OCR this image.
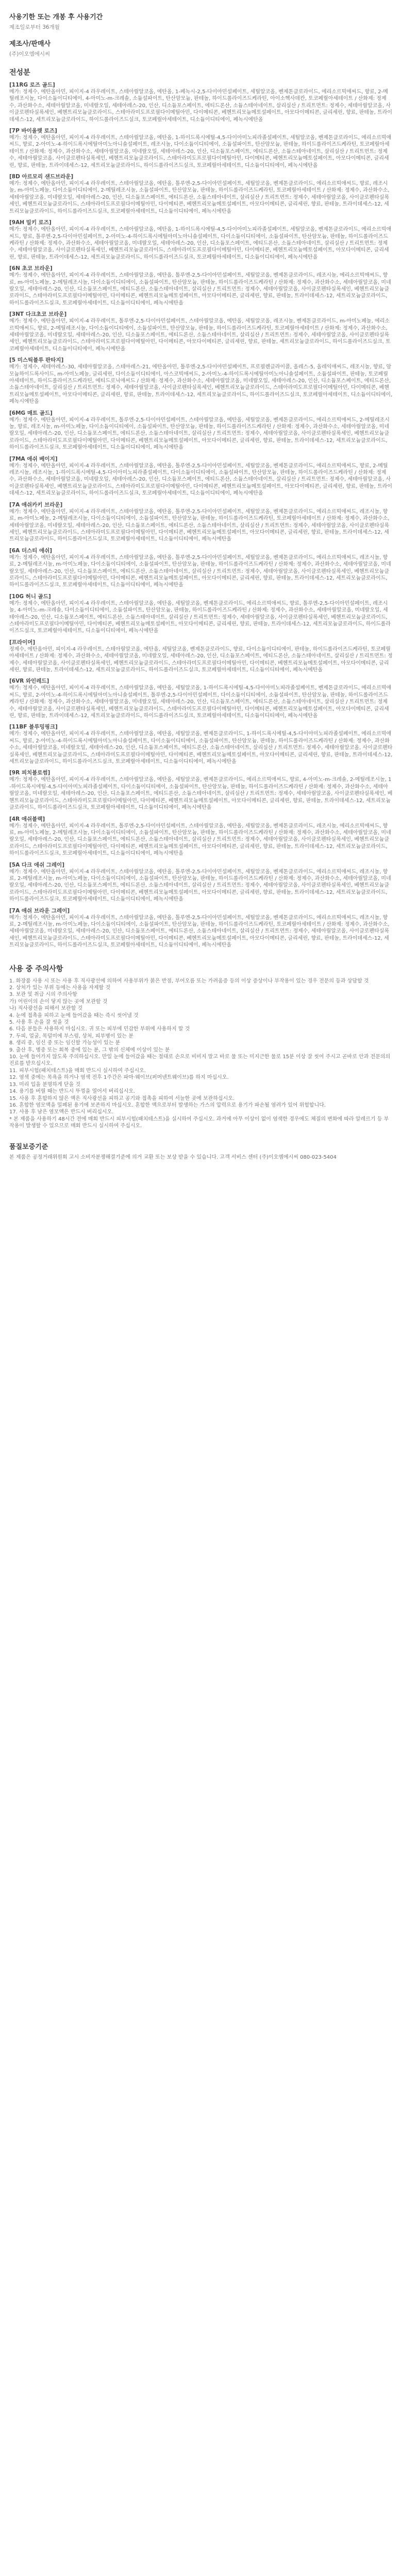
사용기한 또는 개봉 후 사용기간
제조일로부터 36개월
제조사/판매사
(주)이오엠에시씨
전성분
[11RG 로즈 골드]
메가: 정제수, 에탄올아민, 피이지-4 라우레이트, 스테아릴알코올, 에탄올, 1-페녹시-2,5-다이아민설페이트, 세틸알코올, 벤제톤클로라이드, 에리소르빅애씨드, 향료, 2-메틸레조시놀, 다이소듐이디티에이, 4-아미노-m-크레솔, 소듐설파이트, 탄산암모늄, 판테놀, 하이드롤라이즈드케라틴, 아이소헥사데칸, 토코페릴아세테이트 / 산화제: 정제수, 과산화수소, 세테아릴알코올, 미네랄오일, 세테아레스-20, 인산, 디소듐포스페이트, 에티드론산, 소듐스테아네이트, 살리실산 / 트리트먼트: 정제수, 세테아릴알코올, 사이클로펜타실록세인, 베헨트리모늄클로라이드, 스테아라미도프로필다이메틸아민, 다이메티콘, 베헨트리모늄메토설페이트, 아모다이메티콘, 글리세린, 향료, 판테놀, 트라이데세스-12, 세트리모늄클로라이드, 하이드롤라이즈드실크, 토코페릴아세테이트, 디소듐이디티에이, 페녹시에탄올
[7P 바이올렛 로즈]
메가: 정제수, 에탄올아민, 피이지-4 라우레이트, 스테아릴알코올, 에탄올, 1-하이드록시에틸-4,5-다이아미노피라졸설페이트, 세틸알코올, 벤제톤클로라이드, 에리소르빅애씨드, 향료, 2-아미노-4-하이드록시에틸아미노아니솔설페이트, 레조시놀, 다이소듐이디티에이, 소듐설파이트, 탄산암모늄, 판테놀, 하이드롤라이즈드케라틴, 토코페릴아세테이트 / 산화제: 정제수, 과산화수소, 세테아릴알코올, 미네랄오일, 세테아레스-20, 인산, 디소듐포스페이트, 에티드론산, 소듐스테아네이트, 살리실산 / 트리트먼트: 정제수, 세테아릴알코올, 사이클로펜타실록세인, 베헨트리모늄클로라이드, 스테아라미도프로필다이메틸아민, 다이메티콘, 베헨트리모늄메토설페이트, 아모다이메티콘, 글리세린, 향료, 판테놀, 트라이데세스-12, 세트리모늄클로라이드, 하이드롤라이즈드실크, 토코페릴아세테이트, 디소듐이디티에이, 페녹시에탄올
[8D 아르모리 샌드브라운]
메가: 정제수, 에탄올아민, 피이지-4 라우레이트, 스테아릴알코올, 에탄올, 톨루엔-2,5-다이아민설페이트, 세틸알코올, 벤제톤클로라이드, 에리소르빅애씨드, 향료, 레조시놀, m-아미노페놀, 다이소듐이디티에이, 2-메틸레조시놀, 소듐설파이트, 탄산암모늄, 판테놀, 하이드롤라이즈드케라틴, 토코페릴아세테이트 / 산화제: 정제수, 과산화수소, 세테아릴알코올, 미네랄오일, 세테아레스-20, 인산, 디소듐포스페이트, 에티드론산, 소듐스테아네이트, 살리실산 / 트리트먼트: 정제수, 세테아릴알코올, 사이클로펜타실록세인, 베헨트리모늄클로라이드, 스테아라미도프로필다이메틸아민, 다이메티콘, 베헨트리모늄메토설페이트, 아모다이메티콘, 글리세린, 향료, 판테놀, 트라이데세스-12, 세트리모늄클로라이드, 하이드롤라이즈드실크, 토코페릴아세테이트, 디소듐이디티에이, 페녹시에탄올
[9AH 밀키 로즈]
메가: 정제수, 에탄올아민, 피이지-4 라우레이트, 스테아릴알코올, 에탄올, 1-하이드록시에틸-4,5-다이아미노피라졸설페이트, 세틸알코올, 벤제톤클로라이드, 에리소르빅애씨드, 향료, 톨루엔-2,5-다이아민설페이트, 2-아미노-4-하이드록시에틸아미노아니솔설페이트, 다이소듐이디티에이, 소듐설파이트, 탄산암모늄, 판테놀, 하이드롤라이즈드케라틴 / 산화제: 정제수, 과산화수소, 세테아릴알코올, 미네랄오일, 세테아레스-20, 인산, 디소듐포스페이트, 에티드론산, 소듐스테아네이트, 살리실산 / 트리트먼트: 정제수, 세테아릴알코올, 사이클로펜타실록세인, 베헨트리모늄클로라이드, 스테아라미도프로필다이메틸아민, 다이메티콘, 베헨트리모늄메토설페이트, 아모다이메티콘, 글리세린, 향료, 판테놀, 트라이데세스-12, 세트리모늄클로라이드, 하이드롤라이즈드실크, 토코페릴아세테이트, 디소듐이디티에이, 페녹시에탄올
[6N 초코 브라운]
메가: 정제수, 에탄올아민, 피이지-4 라우레이트, 스테아릴알코올, 에탄올, 톨루엔-2,5-다이아민설페이트, 세틸알코올, 벤제톤클로라이드, 레조시놀, 에리소르빅애씨드, 향료, m-아미노페놀, 2-메틸레조시놀, 다이소듐이디티에이, 소듐설파이트, 탄산암모늄, 판테놀, 하이드롤라이즈드케라틴 / 산화제: 정제수, 과산화수소, 세테아릴알코올, 미네랄오일, 세테아레스-20, 인산, 디소듐포스페이트, 에티드론산, 소듐스테아네이트, 살리실산 / 트리트먼트: 정제수, 세테아릴알코올, 사이클로펜타실록세인, 베헨트리모늄클로라이드, 스테아라미도프로필다이메틸아민, 다이메티콘, 베헨트리모늄메토설페이트, 아모다이메티콘, 글리세린, 향료, 판테놀, 트라이데세스-12, 세트리모늄클로라이드, 하이드롤라이즈드실크, 토코페릴아세테이트, 디소듐이디티에이, 페녹시에탄올
[3NT 다크초코 브라운]
메가: 정제수, 에탄올아민, 피이지-4 라우레이트, 톨루엔-2,5-다이아민설페이트, 스테아릴알코올, 에탄올, 세틸알코올, 레조시놀, 벤제톤클로라이드, m-아미노페놀, 에리소르빅애씨드, 향료, 2-메틸레조시놀, 다이소듐이디티에이, 소듐설파이트, 탄산암모늄, 판테놀, 하이드롤라이즈드케라틴, 토코페릴아세테이트 / 산화제: 정제수, 과산화수소, 세테아릴알코올, 미네랄오일, 세테아레스-20, 인산, 디소듐포스페이트, 에티드론산, 소듐스테아네이트, 살리실산 / 트리트먼트: 정제수, 세테아릴알코올, 사이클로펜타실록세인, 베헨트리모늄클로라이드, 스테아라미도프로필다이메틸아민, 다이메티콘, 아모다이메티콘, 글리세린, 향료, 판테놀, 세트리모늄클로라이드, 하이드롤라이즈드실크, 토코페릴아세테이트, 디소듐이디티에이, 페녹시에탄올
[5 미스틱블루 판타지]
메가: 정제수, 세테아레스-30, 세테아릴알코올, 스테아레스-21, 에탄올아민, 톨루엔-2,5-다이아민설페이트, 프로필렌글라이콜, 올레스-5, 올레익애씨드, 레조시놀, 향료, 암모늄하이드록사이드, m-아미노페놀, 글리세린, 다이소듐이디티에이, 아스코빅애씨드, 2-아미노-4-하이드록시에틸아미노아니솔설페이트, 소듐설파이트, 판테놀, 토코페릴아세테이트, 하이드롤라이즈드케라틴, 에티드로닉애씨드 / 산화제: 정제수, 과산화수소, 세테아릴알코올, 미네랄오일, 세테아레스-20, 인산, 디소듐포스페이트, 에티드론산, 소듐스테아네이트, 살리실산 / 트리트먼트: 정제수, 세테아릴알코올, 사이클로펜타실록세인, 베헨트리모늄클로라이드, 스테아라미도프로필다이메틸아민, 다이메티콘, 베헨트리모늄메토설페이트, 아모다이메티콘, 글리세린, 향료, 판테놀, 트라이데세스-12, 세트리모늄클로라이드, 하이드롤라이즈드실크, 토코페릴아세테이트, 디소듐이디티에이, 페녹시에탄올
[6MG 매트 골드]
메가: 정제수, 에탄올아민, 피이지-4 라우레이트, 톨루엔-2,5-다이아민설페이트, 스테아릴알코올, 에탄올, 세틸알코올, 벤제톤클로라이드, 에리소르빅애씨드, 2-메틸레조시놀, 향료, 레조시놀, m-아미노페놀, 다이소듐이디티에이, 소듐설파이트, 탄산암모늄, 판테놀, 하이드롤라이즈드케라틴 / 산화제: 정제수, 과산화수소, 세테아릴알코올, 미네랄오일, 세테아레스-20, 인산, 디소듐포스페이트, 에티드론산, 소듐스테아네이트, 살리실산 / 트리트먼트: 정제수, 세테아릴알코올, 사이클로펜타실록세인, 베헨트리모늄클로라이드, 스테아라미도프로필다이메틸아민, 다이메티콘, 베헨트리모늄메토설페이트, 아모다이메티콘, 글리세린, 향료, 판테놀, 트라이데세스-12, 세트리모늄클로라이드, 하이드롤라이즈드실크, 토코페릴아세테이트, 디소듐이디티에이, 페녹시에탄올
[7MA 애쉬 베이지]
메가: 정제수, 에탄올아민, 피이지-4 라우레이트, 스테아릴알코올, 에탄올, 톨루엔-2,5-다이아민설페이트, 세틸알코올, 벤제톤클로라이드, 에리소르빅애씨드, 향료, 2-메틸레조시놀, 레조시놀, 1-하이드록시에틸-4,5-다이아미노피라졸설페이트, 다이소듐이디티에이, 소듐설파이트, 탄산암모늄, 판테놀, 하이드롤라이즈드케라틴 / 산화제: 정제수, 과산화수소, 세테아릴알코올, 미네랄오일, 세테아레스-20, 인산, 디소듐포스페이트, 에티드론산, 소듐스테아네이트, 살리실산 / 트리트먼트: 정제수, 세테아릴알코올, 사이클로펜타실록세인, 베헨트리모늄클로라이드, 스테아라미도프로필다이메틸아민, 다이메티콘, 베헨트리모늄메토설페이트, 아모다이메티콘, 글리세린, 향료, 판테놀, 트라이데세스-12, 세트리모늄클로라이드, 하이드롤라이즈드실크, 토코페릴아세테이트, 디소듐이디티에이, 페녹시에탄올
[7A 애쉬카키 브라운]
메가: 정제수, 에탄올아민, 피이지-4 라우레이트, 스테아릴알코올, 에탄올, 톨루엔-2,5-다이아민설페이트, 세틸알코올, 벤제톤클로라이드, 에리소르빅애씨드, 레조시놀, 향료, m-아미노페놀, 2-메틸레조시놀, 다이소듐이디티에이, 소듐설파이트, 탄산암모늄, 판테놀, 하이드롤라이즈드케라틴, 토코페릴아세테이트 / 산화제: 정제수, 과산화수소, 세테아릴알코올, 미네랄오일, 세테아레스-20, 인산, 디소듐포스페이트, 에티드론산, 소듐스테아네이트, 살리실산 / 트리트먼트: 정제수, 세테아릴알코올, 사이클로펜타실록세인, 베헨트리모늄클로라이드, 스테아라미도프로필다이메틸아민, 다이메티콘, 베헨트리모늄메토설페이트, 아모다이메티콘, 글리세린, 향료, 판테놀, 트라이데세스-12, 세트리모늄클로라이드, 하이드롤라이즈드실크, 토코페릴아세테이트, 디소듐이디티에이, 페녹시에탄올
[6A 더스티 애쉬]
메가: 정제수, 에탄올아민, 피이지-4 라우레이트, 스테아릴알코올, 에탄올, 톨루엔-2,5-다이아민설페이트, 세틸알코올, 벤제톤클로라이드, 에리소르빅애씨드, 레조시놀, 향료, 2-메틸레조시놀, m-아미노페놀, 다이소듐이디티에이, 소듐설파이트, 탄산암모늄, 판테놀, 하이드롤라이즈드케라틴 / 산화제: 정제수, 과산화수소, 세테아릴알코올, 미네랄오일, 세테아레스-20, 인산, 디소듐포스페이트, 에티드론산, 소듐스테아네이트, 살리실산 / 트리트먼트: 정제수, 세테아릴알코올, 사이클로펜타실록세인, 베헨트리모늄클로라이드, 스테아라미도프로필다이메틸아민, 다이메티콘, 베헨트리모늄메토설페이트, 아모다이메티콘, 글리세린, 향료, 판테놀, 트라이데세스-12, 세트리모늄클로라이드, 하이드롤라이즈드실크, 토코페릴아세테이트, 디소듐이디티에이, 페녹시에탄올
[10G 허니 골드]
메가: 정제수, 에탄올아민, 피이지-4 라우레이트, 스테아릴알코올, 에탄올, 세틸알코올, 벤제톤클로라이드, 에리소르빅애씨드, 향료, 톨루엔-2,5-다이아민설페이트, 레조시놀, 4-아미노-m-크레솔, 다이소듐이디티에이, 소듐설파이트, 탄산암모늄, 판테놀, 하이드롤라이즈드케라틴 / 산화제: 정제수, 과산화수소, 세테아릴알코올, 미네랄오일, 세테아레스-20, 인산, 디소듐포스페이트, 에티드론산, 소듐스테아네이트, 살리실산 / 트리트먼트: 정제수, 세테아릴알코올, 사이클로펜타실록세인, 베헨트리모늄클로라이드, 스테아라미도프로필다이메틸아민, 다이메티콘, 베헨트리모늄메토설페이트, 아모다이메티콘, 글리세린, 향료, 판테놀, 트라이데세스-12, 세트리모늄클로라이드, 하이드롤라이즈드실크, 토코페릴아세테이트, 디소듐이디티에이, 페녹시에탄올
[프라이머]
정제수, 에탄올아민, 피이지-4 라우레이트, 스테아릴알코올, 에탄올, 세틸알코올, 벤제톤클로라이드, 향료, 다이소듐이디티에이, 판테놀, 하이드롤라이즈드케라틴, 토코페릴아세테이트 / 산화제: 정제수, 과산화수소, 세테아릴알코올, 미네랄오일, 세테아레스-20, 인산, 디소듐포스페이트, 에티드론산, 소듐스테아네이트, 살리실산 / 트리트먼트: 정제수, 세테아릴알코올, 사이클로펜타실록세인, 베헨트리모늄클로라이드, 스테아라미도프로필다이메틸아민, 다이메티콘, 베헨트리모늄메토설페이트, 아모다이메티콘, 글리세린, 향료, 판테놀, 트라이데세스-12, 세트리모늄클로라이드, 하이드롤라이즈드실크, 토코페릴아세테이트, 디소듐이디티에이, 페녹시에탄올
[6VR 와인레드]
메가: 정제수, 에탄올아민, 피이지-4 라우레이트, 스테아릴알코올, 에탄올, 세틸알코올, 1-하이드록시에틸-4,5-다이아미노피라졸설페이트, 벤제톤클로라이드, 에리소르빅애씨드, 향료, 2-아미노-4-하이드록시에틸아미노아니솔설페이트, 톨루엔-2,5-다이아민설페이트, 다이소듐이디티에이, 소듐설파이트, 탄산암모늄, 판테놀, 하이드롤라이즈드케라틴 / 산화제: 정제수, 과산화수소, 세테아릴알코올, 미네랄오일, 세테아레스-20, 인산, 디소듐포스페이트, 에티드론산, 소듐스테아네이트, 살리실산 / 트리트먼트: 정제수, 세테아릴알코올, 사이클로펜타실록세인, 베헨트리모늄클로라이드, 스테아라미도프로필다이메틸아민, 다이메티콘, 베헨트리모늄메토설페이트, 아모다이메티콘, 글리세린, 향료, 판테놀, 트라이데세스-12, 세트리모늄클로라이드, 하이드롤라이즈드실크, 토코페릴아세테이트, 디소듐이디티에이, 페녹시에탄올
[11BF 블루밍핑크]
메가: 정제수, 에탄올아민, 피이지-4 라우레이트, 스테아릴알코올, 에탄올, 세틸알코올, 벤제톤클로라이드, 1-하이드록시에틸-4,5-다이아미노피라졸설페이트, 에리소르빅애씨드, 향료, 2-아미노-4-하이드록시에틸아미노아니솔설페이트, 다이소듐이디티에이, 소듐설파이트, 탄산암모늄, 판테놀, 하이드롤라이즈드케라틴 / 산화제: 정제수, 과산화수소, 세테아릴알코올, 미네랄오일, 세테아레스-20, 인산, 디소듐포스페이트, 에티드론산, 소듐스테아네이트, 살리실산 / 트리트먼트: 정제수, 세테아릴알코올, 사이클로펜타실록세인, 베헨트리모늄클로라이드, 스테아라미도프로필다이메틸아민, 다이메티콘, 베헨트리모늄메토설페이트, 아모다이메티콘, 글리세린, 향료, 판테놀, 트라이데세스-12, 세트리모늄클로라이드, 하이드롤라이즈드실크, 토코페릴아세테이트, 디소듐이디티에이, 페녹시에탄올
[9R 피치블로썸]
메가: 정제수, 에탄올아민, 피이지-4 라우레이트, 스테아릴알코올, 에탄올, 세틸알코올, 벤제톤클로라이드, 에리소르빅애씨드, 향료, 4-아미노-m-크레솔, 2-메틸레조시놀, 1-하이드록시에틸-4,5-다이아미노피라졸설페이트, 다이소듐이디티에이, 소듐설파이트, 탄산암모늄, 판테놀, 하이드롤라이즈드케라틴 / 산화제: 정제수, 과산화수소, 세테아릴알코올, 미네랄오일, 세테아레스-20, 인산, 디소듐포스페이트, 에티드론산, 소듐스테아네이트, 살리실산 / 트리트먼트: 정제수, 세테아릴알코올, 사이클로펜타실록세인, 베헨트리모늄클로라이드, 스테아라미도프로필다이메틸아민, 다이메티콘, 베헨트리모늄메토설페이트, 아모다이메티콘, 글리세린, 향료, 판테놀, 트라이데세스-12, 세트리모늄클로라이드, 하이드롤라이즈드실크, 토코페릴아세테이트, 디소듐이디티에이, 페녹시에탄올
[4R 애쉬블랙]
메가: 정제수, 에탄올아민, 피이지-4 라우레이트, 톨루엔-2,5-다이아민설페이트, 스테아릴알코올, 에탄올, 세틸알코올, 벤제톤클로라이드, 레조시놀, 에리소르빅애씨드, 향료, m-아미노페놀, 2-메틸레조시놀, 다이소듐이디티에이, 소듐설파이트, 탄산암모늄, 판테놀, 하이드롤라이즈드케라틴 / 산화제: 정제수, 과산화수소, 세테아릴알코올, 미네랄오일, 세테아레스-20, 인산, 디소듐포스페이트, 에티드론산, 소듐스테아네이트, 살리실산 / 트리트먼트: 정제수, 세테아릴알코올, 사이클로펜타실록세인, 베헨트리모늄클로라이드, 스테아라미도프로필다이메틸아민, 다이메티콘, 베헨트리모늄메토설페이트, 아모다이메티콘, 글리세린, 향료, 판테놀, 트라이데세스-12, 세트리모늄클로라이드, 하이드롤라이즈드실크, 토코페릴아세테이트, 디소듐이디티에이, 페녹시에탄올
[5A 다크 애쉬 그레이]
메가: 정제수, 에탄올아민, 피이지-4 라우레이트, 스테아릴알코올, 에탄올, 톨루엔-2,5-다이아민설페이트, 세틸알코올, 벤제톤클로라이드, 에리소르빅애씨드, 레조시놀, 향료, 2-메틸레조시놀, m-아미노페놀, 다이소듐이디티에이, 소듐설파이트, 탄산암모늄, 판테놀, 하이드롤라이즈드케라틴 / 산화제: 정제수, 과산화수소, 세테아릴알코올, 미네랄오일, 세테아레스-20, 인산, 디소듐포스페이트, 에티드론산, 소듐스테아네이트, 살리실산 / 트리트먼트: 정제수, 세테아릴알코올, 사이클로펜타실록세인, 베헨트리모늄클로라이드, 스테아라미도프로필다이메틸아민, 다이메티콘, 베헨트리모늄메토설페이트, 아모다이메티콘, 글리세린, 향료, 판테놀, 트라이데세스-12, 세트리모늄클로라이드, 하이드롤라이즈드실크, 토코페릴아세테이트, 디소듐이디티에이, 페녹시에탄올
[7A 애쉬 브라운 그레이]
메가: 정제수, 에탄올아민, 피이지-4 라우레이트, 스테아릴알코올, 에탄올, 톨루엔-2,5-다이아민설페이트, 세틸알코올, 벤제톤클로라이드, 에리소르빅애씨드, 레조시놀, 향료, 2-메틸레조시놀, m-아미노페놀, 다이소듐이디티에이, 소듐설파이트, 탄산암모늄, 판테놀, 하이드롤라이즈드케라틴, 토코페릴아세테이트 / 산화제: 정제수, 과산화수소, 세테아릴알코올, 미네랄오일, 세테아레스-20, 인산, 디소듐포스페이트, 에티드론산, 소듐스테아네이트, 살리실산 / 트리트먼트: 정제수, 세테아릴알코올, 사이클로펜타실록세인, 베헨트리모늄클로라이드, 스테아라미도프로필다이메틸아민, 다이메티콘, 베헨트리모늄메토설페이트, 아모다이메티콘, 글리세린, 향료, 판테놀, 트라이데세스-12, 세트리모늄클로라이드, 하이드롤라이즈드실크, 토코페릴아세테이트, 디소듐이디티에이, 페녹시에탄올
사용 중 주의사항
1. 화장품 사용 시 또는 사용 후 직사광선에 의하여 사용부위가 붉은 반점, 부어오름 또는 가려움증 등의 이상 증상이나 부작용이 있는 경우 전문의 등과 상담할 것
2. 상처가 있는 부위 등에는 사용을 자제할 것
3. 보관 및 취급 시의 주의사항
가) 어린이의 손이 닿지 않는 곳에 보관할 것
나) 직사광선을 피해서 보관할 것
4. 눈에 접촉을 피하고 눈에 들어갔을 때는 즉시 씻어낼 것
5. 사용 후 손을 잘 씻을 것
6. 다음 분들은 사용하지 마십시오. 귀 또는 피부에 민감한 부위에 사용하지 말 것
7. 두피, 얼굴, 목덜미에 부스럼, 상처, 피부병이 있는 분
8. 생리 중, 임신 중 또는 임신할 가능성이 있는 분
9. 출산 후, 병중 또는 회복 중에 있는 분, 그 밖의 신체에 이상이 있는 분
10. 눈에 들어가지 않도록 주의하십시오. 만일 눈에 들어갔을 때는 절대로 손으로 비비지 말고 바로 물 또는 미지근한 물로 15분 이상 잘 씻어 주시고 곧바로 안과 전문의의 진료를 받으십시오.
11. 피부시험(패치테스트)을 매회 반드시 실시하여 주십시오.
12. 염색 중에는 목욕을 하거나 염색 전후 1주간은 파마·웨이브(퍼머넨트웨이브)를 하지 마십시오.
13. 미리 입을 분명하게 닫을 것
14. 용기를 버릴 때는 반드시 뚜껑을 열어서 버리십시오.
15. 사용 후 혼합하지 않은 액은 직사광선을 피하고 공기와 접촉을 피하여 서늘한 곳에 보관하십시오.
16. 혼합한 염모액을 밀폐된 용기에 보존하지 마십시오. 혼합한 액으로부터 발생하는 가스의 압력으로 용기가 파손될 염려가 있어 위험합니다.
17. 사용 후 남은 염모액은 반드시 버리십시오.
* 본 제품을 사용하기 48시간 전에 매회 반드시 피부시험(패치테스트)을 실시하여 주십시오. 과거에 아무 이상이 없이 염색한 경우에도 체질의 변화에 따라 알레르기 등 부작용이 발생할 수 있으므로 매회 반드시 실시하여 주십시오.
품질보증기준
본 제품은 공정거래위원회 고시 소비자분쟁해결기준에 의거 교환 또는 보상 받을 수 있습니다. 고객 서비스 센터 (주)이오엠에시씨 080-023-5404
